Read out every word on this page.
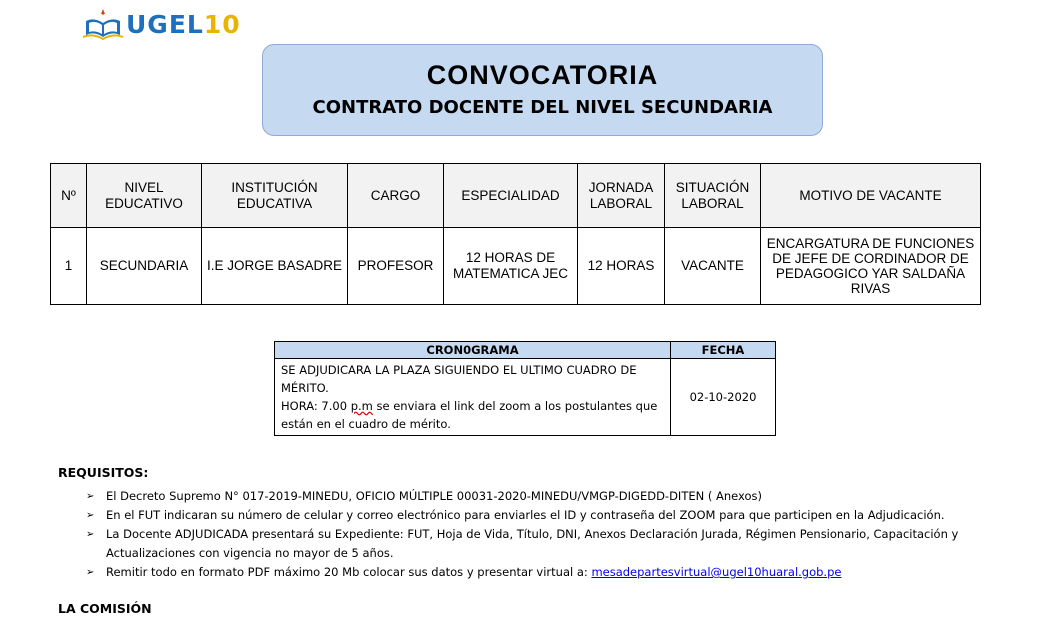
UGEL10
CONVOCATORIA
CONTRATO DOCENTE DEL NIVEL SECUNDARIA
Nº	NIVEL EDUCATIVO	INSTITUCIÓN EDUCATIVA	CARGO	ESPECIALIDAD	JORNADA LABORAL	SITUACIÓN LABORAL	MOTIVO DE VACANTE
1	SECUNDARIA	I.E JORGE BASADRE	PROFESOR	12 HORAS DE MATEMATICA JEC	12 HORAS	VACANTE	ENCARGATURA DE FUNCIONES DE JEFE DE CORDINADOR DE PEDAGOGICO YAR SALDAÑA RIVAS
CRON0GRAMA	FECHA

SE ADJUDICARA LA PLAZA SIGUIENDO EL ULTIMO CUADRO DE MÉRITO.
HORA: 7.00 p.m se enviara el link del zoom a los postulantes que están en el cuadro de mérito.	02-10-2020
REQUISITOS:
➢ El Decreto Supremo N° 017-2019-MINEDU, OFICIO MÚLTIPLE 00031-2020-MINEDU/VMGP-DIGEDD-DITEN ( Anexos)
➢ En el FUT indicaran su número de celular y correo electrónico para enviarles el ID y contraseña del ZOOM para que participen en la Adjudicación.
➢ La Docente ADJUDICADA presentará su Expediente: FUT, Hoja de Vida, Título, DNI, Anexos Declaración Jurada, Régimen Pensionario, Capacitación y Actualizaciones con vigencia no mayor de 5 años.
➢ Remitir todo en formato PDF máximo 20 Mb colocar sus datos y presentar virtual a: mesadepartesvirtual@ugel10huaral.gob.pe
LA COMISIÓN
